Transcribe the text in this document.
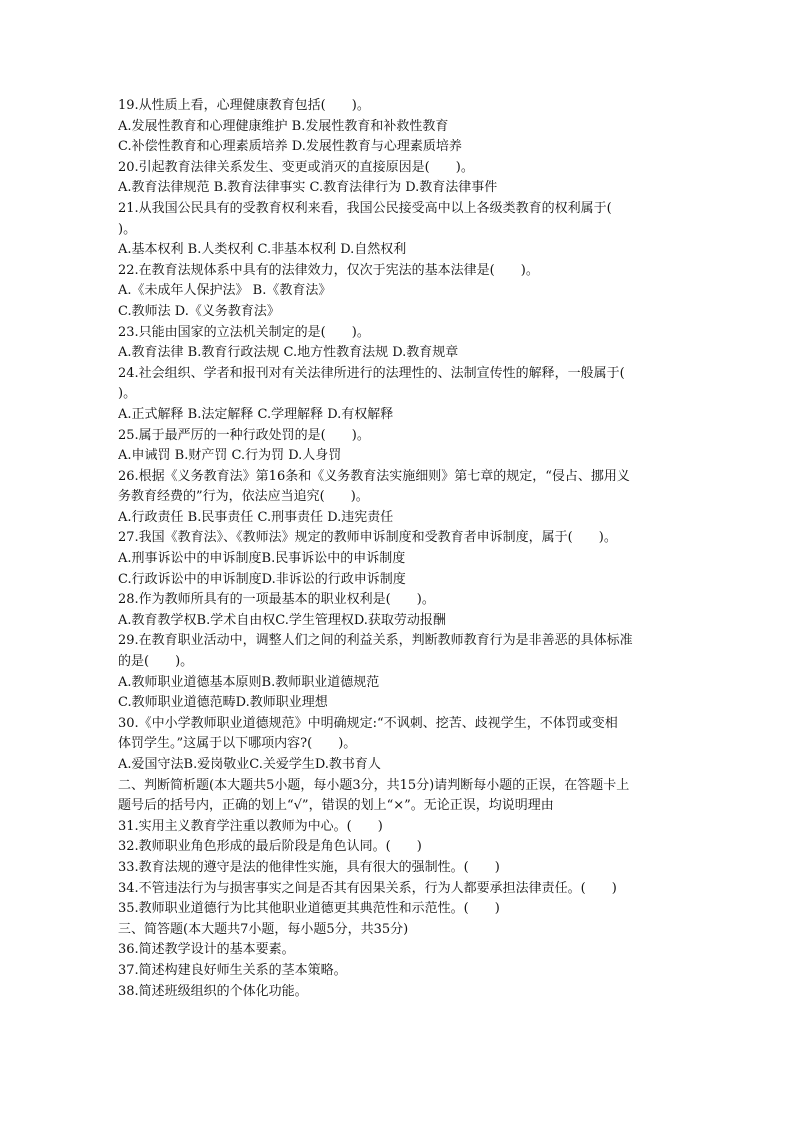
19.从性质上看，心理健康教育包括(　　)。
A.发展性教育和心理健康维护 B.发展性教育和补救性教育
C.补偿性教育和心理素质培养 D.发展性教育与心理素质培养
20.引起教育法律关系发生、变更或消灭的直接原因是(　　)。
A.教育法律规范 B.教育法律事实 C.教育法律行为 D.教育法律事件
21.从我国公民具有的受教育权利来看，我国公民接受高中以上各级类教育的权利属于(
)。
A.基本权利 B.人类权利 C.非基本权利 D.自然权利
22.在教育法规体系中具有的法律效力，仅次于宪法的基本法律是(　　)。
A.《未成年人保护法》 B.《教育法》
C.教师法 D.《义务教育法》
23.只能由国家的立法机关制定的是(　　)。
A.教育法律 B.教育行政法规 C.地方性教育法规 D.教育规章
24.社会组织、学者和报刊对有关法律所进行的法理性的、法制宣传性的解释，一般属于(
)。
A.正式解释 B.法定解释 C.学理解释 D.有权解释
25.属于最严厉的一种行政处罚的是(　　)。
A.申诫罚 B.财产罚 C.行为罚 D.人身罚
26.根据《义务教育法》第16条和《义务教育法实施细则》第七章的规定，“侵占、挪用义
务教育经费的”行为，依法应当追究(　　)。
A.行政责任 B.民事责任 C.刑事责任 D.违宪责任
27.我国《教育法》、《教师法》规定的教师申诉制度和受教育者申诉制度，属于(　　)。
A.刑事诉讼中的申诉制度B.民事诉讼中的申诉制度
C.行政诉讼中的申诉制度D.非诉讼的行政申诉制度
28.作为教师所具有的一项最基本的职业权利是(　　)。
A.教育教学权B.学术自由权C.学生管理权D.获取劳动报酬
29.在教育职业活动中，调整人们之间的利益关系，判断教师教育行为是非善恶的具体标准
的是(　　)。
A.教师职业道德基本原则B.教师职业道德规范
C.教师职业道德范畴D.教师职业理想
30.《中小学教师职业道德规范》中明确规定:“不讽刺、挖苦、歧视学生，不体罚或变相
体罚学生。”这属于以下哪项内容?(　　)。
A.爱国守法B.爱岗敬业C.关爱学生D.教书育人
二、判断简析题(本大题共5小题，每小题3分，共15分)请判断每小题的正误，在答题卡上
题号后的括号内，正确的划上“√”，错误的划上“×”。无论正误，均说明理由
31.实用主义教育学注重以教师为中心。(　　)
32.教师职业角色形成的最后阶段是角色认同。(　　)
33.教育法规的遵守是法的他律性实施，具有很大的强制性。(　　)
34.不管违法行为与损害事实之间是否其有因果关系，行为人都要承担法律责任。(　　)
35.教师职业道德行为比其他职业道德更其典范性和示范性。(　　)
三、简答题(本大题共7小题，每小题5分，共35分)
36.简述教学设计的基本要素。
37.简述构建良好师生关系的茎本策略。
38.简述班级组织的个体化功能。
